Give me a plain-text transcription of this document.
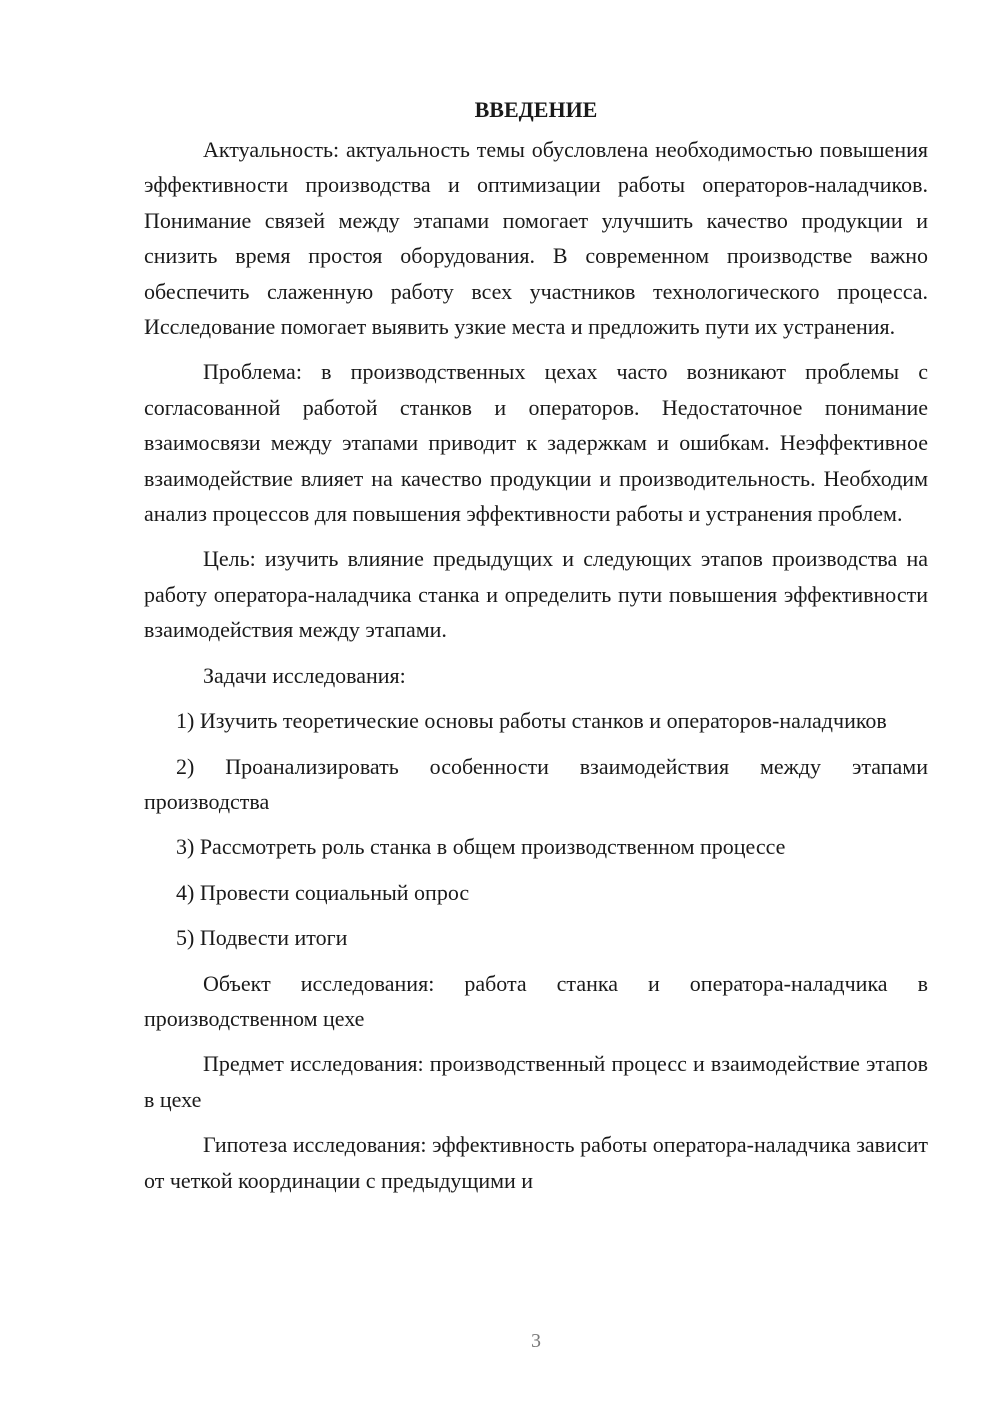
ВВЕДЕНИЕ

Актуальность: актуальность темы обусловлена необходимостью повышения эффективности производства и оптимизации работы операторов-наладчиков. Понимание связей между этапами помогает улучшить качество продукции и снизить время простоя оборудования. В современном производстве важно обеспечить слаженную работу всех участников технологического процесса. Исследование помогает выявить узкие места и предложить пути их устранения.

Проблема: в производственных цехах часто возникают проблемы с согласованной работой станков и операторов. Недостаточное понимание взаимосвязи между этапами приводит к задержкам и ошибкам. Неэффективное взаимодействие влияет на качество продукции и производительность. Необходим анализ процессов для повышения эффективности работы и устранения проблем.

Цель: изучить влияние предыдущих и следующих этапов производства на работу оператора-наладчика станка и определить пути повышения эффективности взаимодействия между этапами.

Задачи исследования:

1) Изучить теоретические основы работы станков и операторов-наладчиков

2) Проанализировать особенности взаимодействия между этапами производства

3) Рассмотреть роль станка в общем производственном процессе

4) Провести социальный опрос

5) Подвести итоги

Объект исследования: работа станка и оператора-наладчика в производственном цехе

Предмет исследования: производственный процесс и взаимодействие этапов в цехе

Гипотеза исследования: эффективность работы оператора-наладчика зависит от четкой координации с предыдущими и

3
